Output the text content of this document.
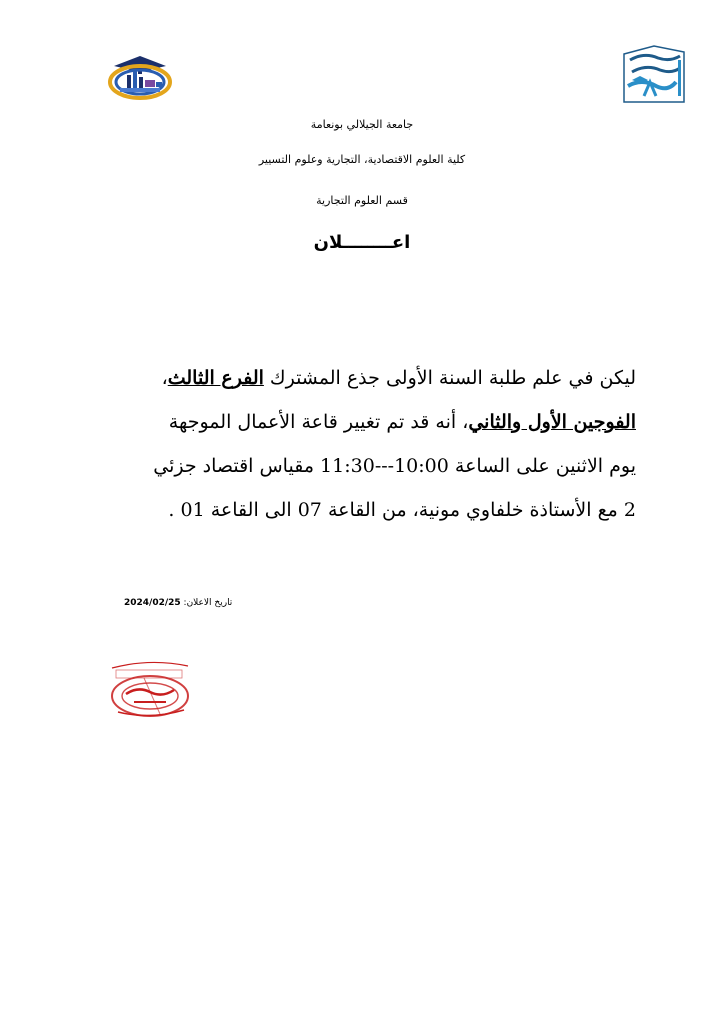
جامعة الجيلالي بونعامة
كلية العلوم الاقتصادية، التجارية وعلوم التسيير
قسم العلوم التجارية
اعــــــــلان
ليكن في علم طلبة السنة الأولى جذع المشترك الفرع الثالث،
الفوجين الأول والثاني، أنه قد تم تغيير قاعة الأعمال الموجهة
يوم الاثنين على الساعة 10:00---11:30 مقياس اقتصاد جزئي
2 مع الأستاذة خلفاوي مونية، من القاعة 07 الى القاعة 01 .
تاريخ الاعلان: 2024/02/25
